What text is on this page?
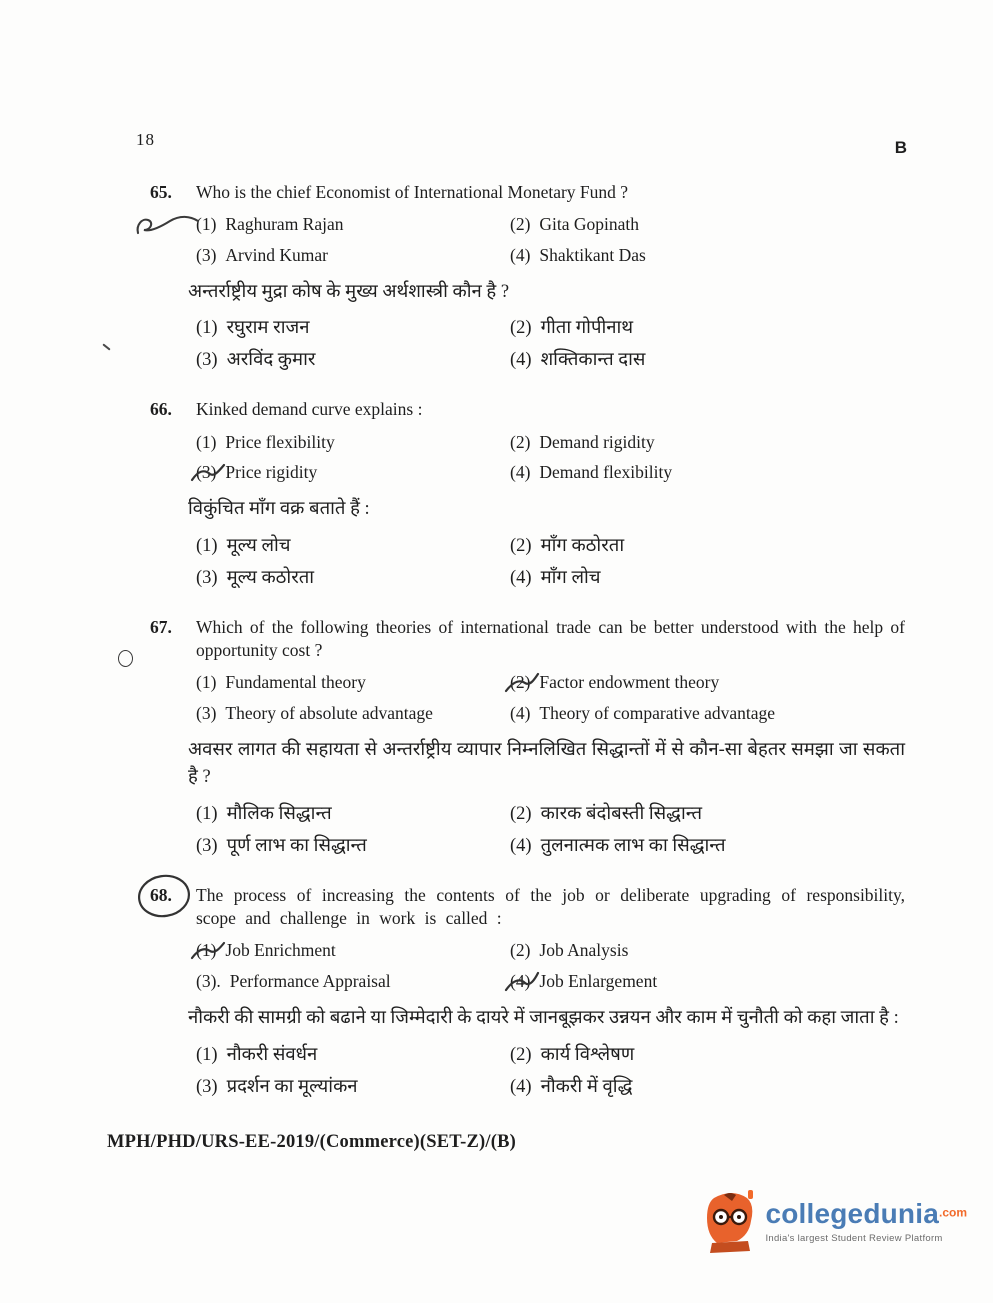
18	B
65.	Who is the chief Economist of International Monetary Fund ?
(1) Raghuram Rajan	(2) Gita Gopinath
(3) Arvind Kumar	(4) Shaktikant Das
अन्तर्राष्ट्रीय मुद्रा कोष के मुख्य अर्थशास्त्री कौन है ?
(1) रघुराम राजन	(2) गीता गोपीनाथ
(3) अरविंद कुमार	(4) शक्तिकान्त दास
66.	Kinked demand curve explains :
(1) Price flexibility	(2) Demand rigidity
(3) Price rigidity	(4) Demand flexibility
विकुंचित माँग वक्र बताते हैं :
(1) मूल्य लोच	(2) माँग कठोरता
(3) मूल्य कठोरता	(4) माँग लोच
67.	Which of the following theories of international trade can be better understood with the help of opportunity cost ?
(1) Fundamental theory	(2) Factor endowment theory
(3) Theory of absolute advantage	(4) Theory of comparative advantage
अवसर लागत की सहायता से अन्तर्राष्ट्रीय व्यापार निम्नलिखित सिद्धान्तों में से कौन-सा बेहतर समझा जा सकता है ?
(1) मौलिक सिद्धान्त	(2) कारक बंदोबस्ती सिद्धान्त
(3) पूर्ण लाभ का सिद्धान्त	(4) तुलनात्मक लाभ का सिद्धान्त
68.	The process of increasing the contents of the job or deliberate upgrading of responsibility, scope and challenge in work is called :
(1) Job Enrichment	(2) Job Analysis
(3). Performance Appraisal	(4) Job Enlargement
नौकरी की सामग्री को बढाने या जिम्मेदारी के दायरे में जानबूझकर उन्नयन और काम में चुनौती को कहा जाता है :
(1) नौकरी संवर्धन	(2) कार्य विश्लेषण
(3) प्रदर्शन का मूल्यांकन	(4) नौकरी में वृद्धि
MPH/PHD/URS-EE-2019/(Commerce)(SET-Z)/(B)
collegedunia$^{.com}$
India's largest Student Review Platform
